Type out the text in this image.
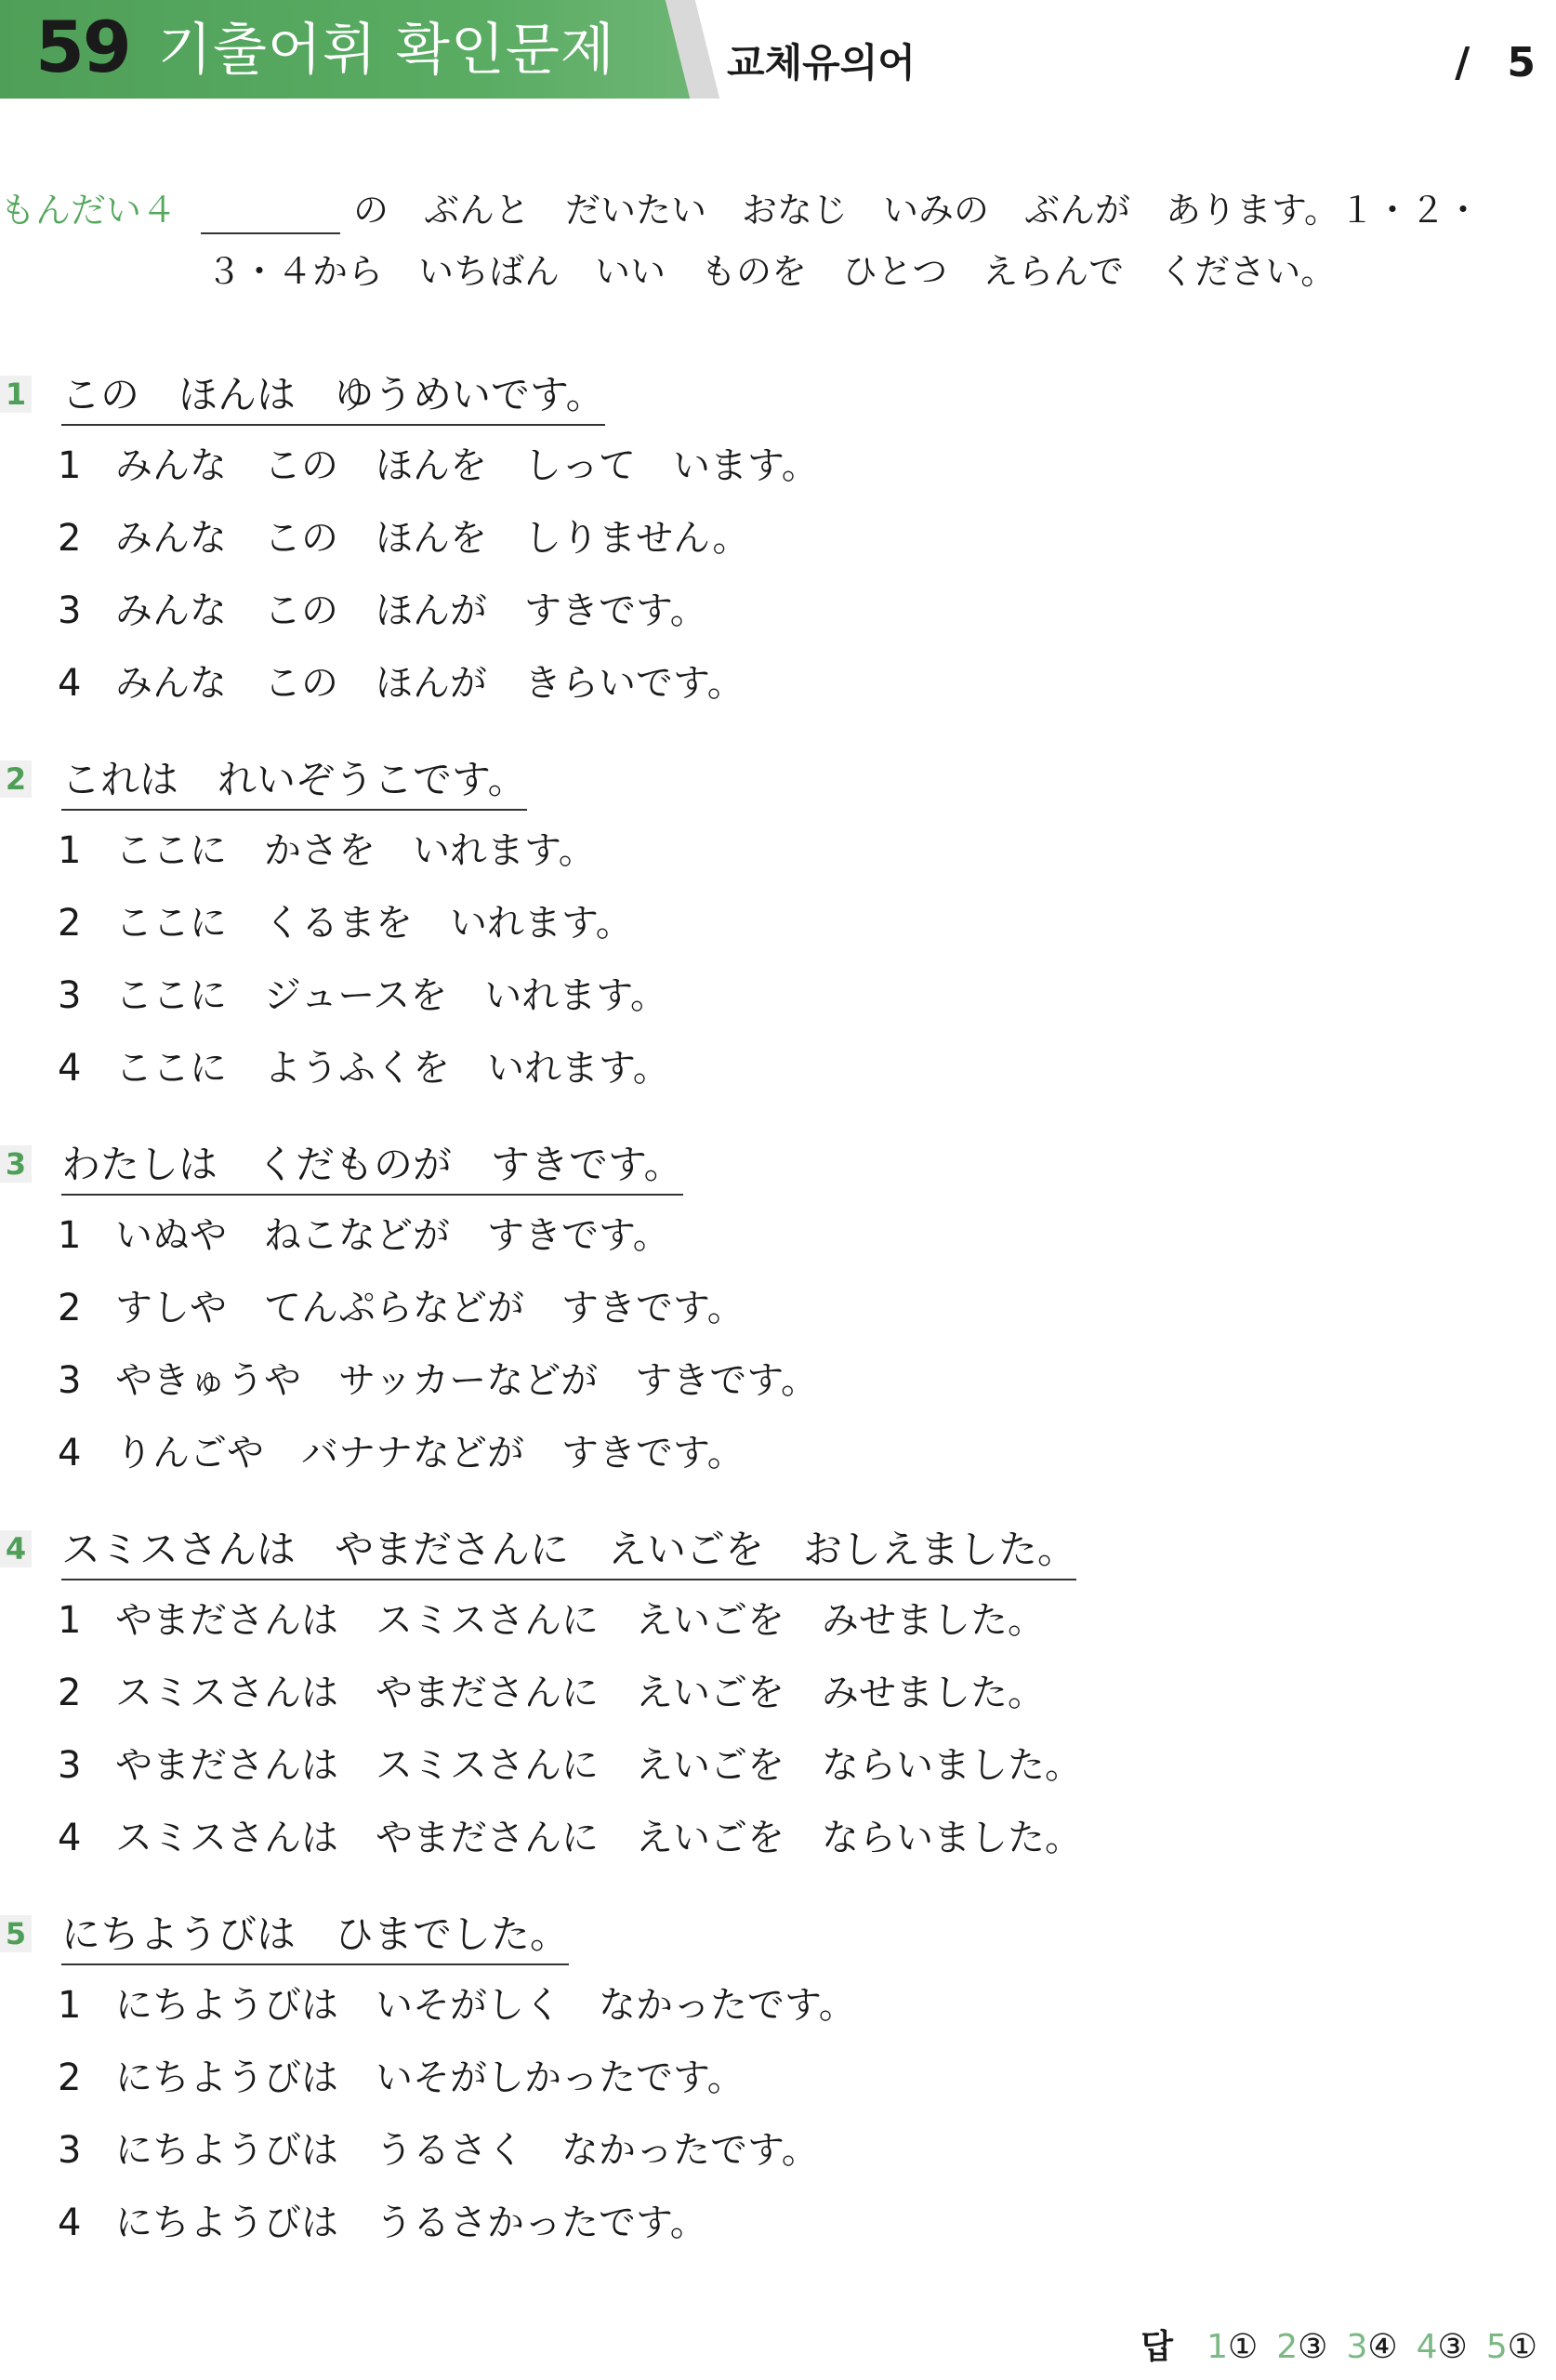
59 기출어휘 확인문제	교체유의어	/ 5
もんだい４	の　ぶんと　だいたい　おなじ　いみの　ぶんが　あります。１・２・
３・４から　いちばん　いい　ものを　ひとつ　えらんで　ください。
1 この　ほんは　ゆうめいです。
1 みんな　この　ほんを　しって　います。
2 みんな　この　ほんを　しりません。
3 みんな　この　ほんが　すきです。
4 みんな　この　ほんが　きらいです。
2 これは　れいぞうこです。
1 ここに　かさを　いれます。
2 ここに　くるまを　いれます。
3 ここに　ジュースを　いれます。
4 ここに　ようふくを　いれます。
3 わたしは　くだものが　すきです。
1 いぬや　ねこなどが　すきです。
2 すしや　てんぷらなどが　すきです。
3 やきゅうや　サッカーなどが　すきです。
4 りんごや　バナナなどが　すきです。
4 スミスさんは　やまださんに　えいごを　おしえました。
1 やまださんは　スミスさんに　えいごを　みせました。
2 スミスさんは　やまださんに　えいごを　みせました。
3 やまださんは　スミスさんに　えいごを　ならいました。
4 スミスさんは　やまださんに　えいごを　ならいました。
5 にちようびは　ひまでした。
1 にちようびは　いそがしく　なかったです。
2 にちようびは　いそがしかったです。
3 にちようびは　うるさく　なかったです。
4 にちようびは　うるさかったです。
답 1① 2③ 3④ 4③ 5①
